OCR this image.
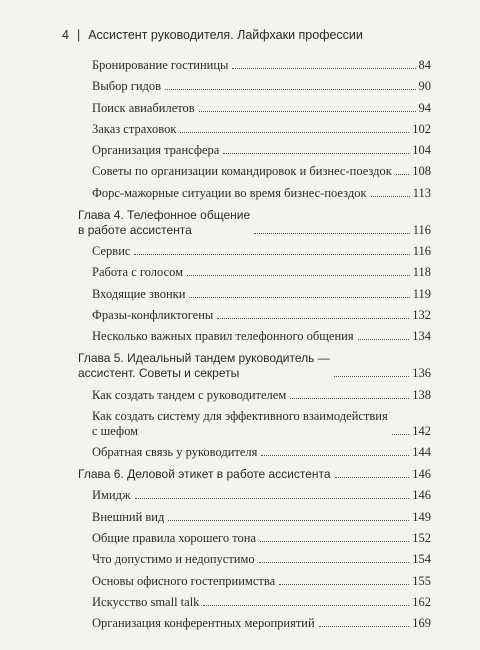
4 | Ассистент руководителя. Лайфхаки профессии
Бронирование гостиницы	84
Выбор гидов	90
Поиск авиабилетов	94
Заказ страховок	102
Организация трансфера	104
Советы по организации командировок и бизнес-поездок 108
Форс-мажорные ситуации во время бизнес-поездок	113
Глава 4. Телефонное общение
в работе ассистента	116
Сервис	116
Работа с голосом	118
Входящие звонки	119
Фразы-конфликтогены	132
Несколько важных правил телефонного общения	134
Глава 5. Идеальный тандем руководитель —
ассистент. Советы и секреты	136
Как создать тандем с руководителем	138
Как создать систему для эффективного взаимодействия
с шефом	142
Обратная связь у руководителя	144
Глава 6. Деловой этикет в работе ассистента	146
Имидж	146
Внешний вид	149
Общие правила хорошего тона	152
Что допустимо и недопустимо	154
Основы офисного гостеприимства	155
Искусство small talk	162
Организация конферентных мероприятий	169
